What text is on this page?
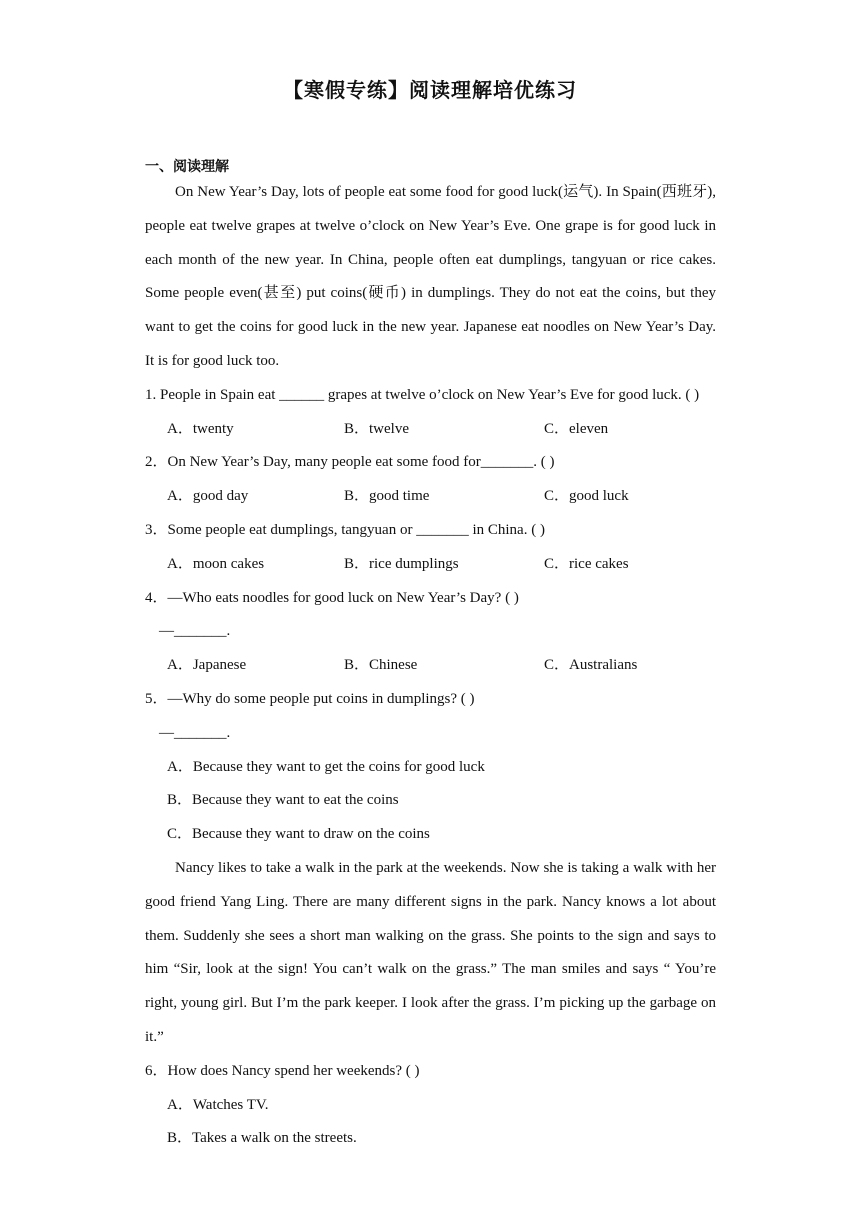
【寒假专练】阅读理解培优练习
一、阅读理解

On New Year’s Day, lots of people eat some food for good luck(运气). In Spain(西班牙), people eat twelve grapes at twelve o’clock on New Year’s Eve. One grape is for good luck in each month of the new year. In China, people often eat dumplings, tangyuan or rice cakes. Some people even(甚至) put coins(硬币) in dumplings. They do not eat the coins, but they want to get the coins for good luck in the new year. Japanese eat noodles on New Year’s Day. It is for good luck too.

1. People in Spain eat ______ grapes at twelve o’clock on New Year’s Eve for good luck. ( )

A．twenty	B．twelve	C．eleven

2．On New Year’s Day, many people eat some food for_______. ( )

A．good day	B．good time	C．good luck

3．Some people eat dumplings, tangyuan or _______ in China. ( )

A．moon cakes	B．rice dumplings	C．rice cakes

4．—Who eats noodles for good luck on New Year’s Day? ( )

—_______.

A．Japanese	B．Chinese	C．Australians

5．—Why do some people put coins in dumplings? ( )

—_______.

A．Because they want to get the coins for good luck

B．Because they want to eat the coins

C．Because they want to draw on the coins

Nancy likes to take a walk in the park at the weekends. Now she is taking a walk with her good friend Yang Ling. There are many different signs in the park. Nancy knows a lot about them. Suddenly she sees a short man walking on the grass. She points to the sign and says to him “Sir, look at the sign! You can’t walk on the grass.” The man smiles and says “ You’re right, young girl. But I’m the park keeper. I look after the grass. I’m picking up the garbage on it.”

6．How does Nancy spend her weekends? ( )

A．Watches TV.

B．Takes a walk on the streets.
